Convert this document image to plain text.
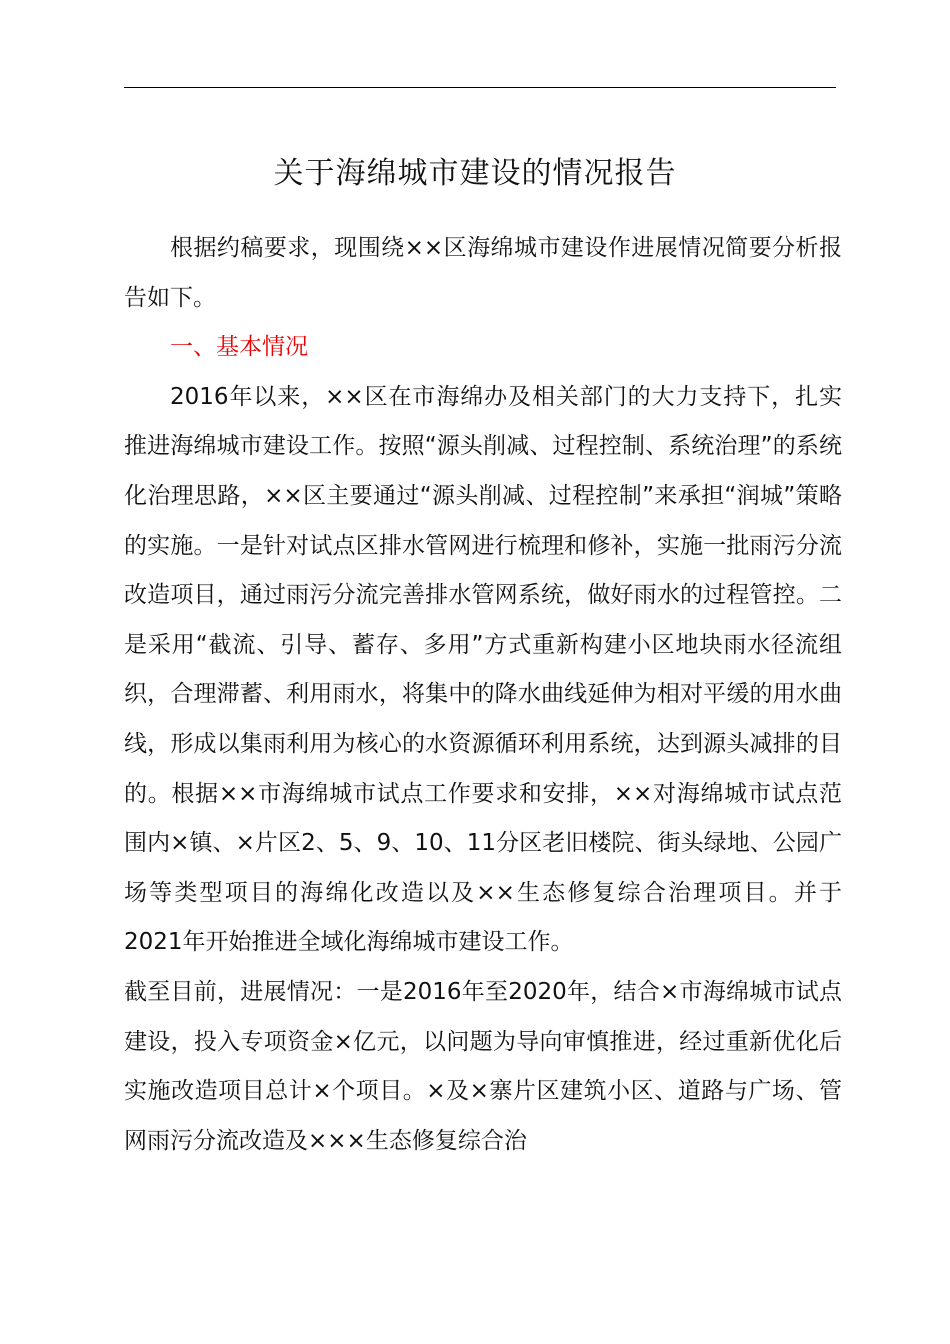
关于海绵城市建设的情况报告

根据约稿要求，现围绕××区海绵城市建设作进展情况简要分析报告如下。

一、基本情况

2016年以来，××区在市海绵办及相关部门的大力支持下，扎实推进海绵城市建设工作。按照“源头削减、过程控制、系统治理”的系统化治理思路，××区主要通过“源头削减、过程控制”来承担“润城”策略的实施。一是针对试点区排水管网进行梳理和修补，实施一批雨污分流改造项目，通过雨污分流完善排水管网系统，做好雨水的过程管控。二是采用“截流、引导、蓄存、多用”方式重新构建小区地块雨水径流组织，合理滞蓄、利用雨水，将集中的降水曲线延伸为相对平缓的用水曲线，形成以集雨利用为核心的水资源循环利用系统，达到源头减排的目的。根据××市海绵城市试点工作要求和安排，××对海绵城市试点范围内×镇、×片区2、5、9、10、11分区老旧楼院、街头绿地、公园广场等类型项目的海绵化改造以及××生态修复综合治理项目。并于2021年开始推进全域化海绵城市建设工作。

截至目前，进展情况：一是2016年至2020年，结合×市海绵城市试点建设，投入专项资金×亿元，以问题为导向审慎推进，经过重新优化后实施改造项目总计×个项目。×及×寨片区建筑小区、道路与广场、管网雨污分流改造及×××生态修复综合治
